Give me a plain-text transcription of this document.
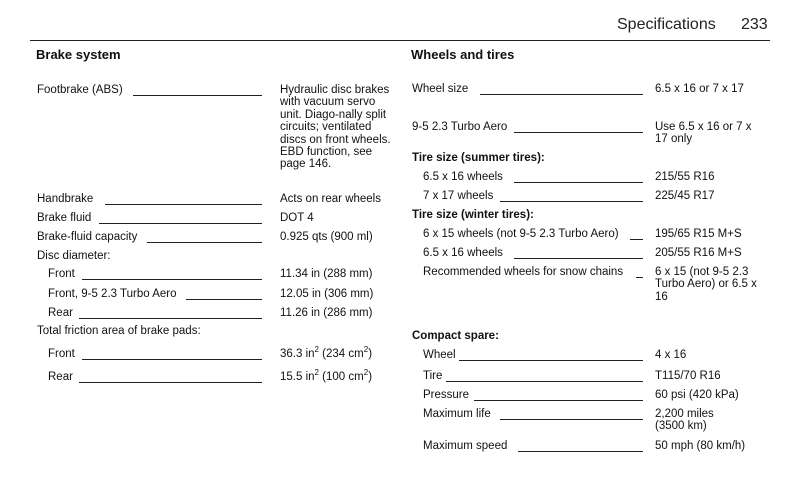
Specifications 233
Brake system
Footbrake (ABS)	Hydraulic disc brakes with vacuum servo unit. Diago-nally split circuits; ventilated discs on front wheels. EBD function, see page 146.
Handbrake	Acts on rear wheels
Brake fluid	DOT 4
Brake-fluid capacity	0.925 qts (900 ml)
Disc diameter:
Front	11.34 in (288 mm)
Front, 9-5 2.3 Turbo Aero	12.05 in (306 mm)
Rear	11.26 in (286 mm)
Total friction area of brake pads:
Front	36.3 $in^2$ (234 $cm^2$)
Rear	15.5 $in^2$ (100 $cm^2$)
Wheels and tires
Wheel size	6.5 x 16 or 7 x 17
9-5 2.3 Turbo Aero	Use 6.5 x 16 or 7 x 17 only
Tire size (summer tires):
6.5 x 16 wheels	215/55 R16
7 x 17 wheels	225/45 R17
Tire size (winter tires):
6 x 15 wheels (not 9-5 2.3 Turbo Aero)	195/65 R15 M+S
6.5 x 16 wheels	205/55 R16 M+S
Recommended wheels for snow chains	6 x 15 (not 9-5 2.3 Turbo Aero) or 6.5 x 16
Compact spare:
Wheel	4 x 16
Tire	T115/70 R16
Pressure	60 psi (420 kPa)
Maximum life	2,200 miles (3500 km)
Maximum speed	50 mph (80 km/h)
